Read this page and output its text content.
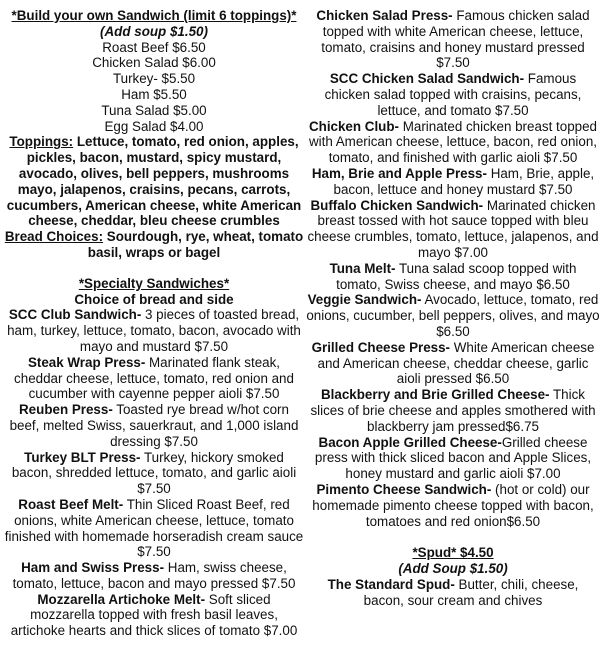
*Build your own Sandwich (limit 6 toppings)*

(Add soup $1.50)

Roast Beef $6.50

Chicken Salad $6.00

Turkey- $5.50

Ham $5.50

Tuna Salad $5.00

Egg Salad $4.00

Toppings: Lettuce, tomato, red onion, apples, pickles, bacon, mustard, spicy mustard, avocado, olives, bell peppers, mushrooms mayo, jalapenos, craisins, pecans, carrots, cucumbers, American cheese, white American cheese, cheddar, bleu cheese crumbles

Bread Choices: Sourdough, rye, wheat, tomato basil, wraps or bagel

*Specialty Sandwiches*

Choice of bread and side

SCC Club Sandwich- 3 pieces of toasted bread, ham, turkey, lettuce, tomato, bacon, avocado with mayo and mustard $7.50

Steak Wrap Press- Marinated flank steak, cheddar cheese, lettuce, tomato, red onion and cucumber with cayenne pepper aioli $7.50

Reuben Press- Toasted rye bread w/hot corn beef, melted Swiss, sauerkraut, and 1,000 island dressing $7.50

Turkey BLT Press- Turkey, hickory smoked bacon, shredded lettuce, tomato, and garlic aioli $7.50

Roast Beef Melt- Thin Sliced Roast Beef, red onions, white American cheese, lettuce, tomato finished with homemade horseradish cream sauce $7.50

Ham and Swiss Press- Ham, swiss cheese, tomato, lettuce, bacon and mayo pressed $7.50

Mozzarella Artichoke Melt- Soft sliced mozzarella topped with fresh basil leaves, artichoke hearts and thick slices of tomato $7.00

Chicken Salad Press- Famous chicken salad topped with white American cheese, lettuce, tomato, craisins and honey mustard pressed $7.50

SCC Chicken Salad Sandwich- Famous chicken salad topped with craisins, pecans, lettuce, and tomato $7.50

Chicken Club- Marinated chicken breast topped with American cheese, lettuce, bacon, red onion, tomato, and finished with garlic aioli $7.50

Ham, Brie and Apple Press- Ham, Brie, apple, bacon, lettuce and honey mustard $7.50

Buffalo Chicken Sandwich- Marinated chicken breast tossed with hot sauce topped with bleu cheese crumbles, tomato, lettuce, jalapenos, and mayo $7.00

Tuna Melt- Tuna salad scoop topped with tomato, Swiss cheese, and mayo $6.50

Veggie Sandwich- Avocado, lettuce, tomato, red onions, cucumber, bell peppers, olives, and mayo $6.50

Grilled Cheese Press- White American cheese and American cheese, cheddar cheese, garlic aioli pressed $6.50

Blackberry and Brie Grilled Cheese- Thick slices of brie cheese and apples smothered with blackberry jam pressed$6.75

Bacon Apple Grilled Cheese-Grilled cheese press with thick sliced bacon and Apple Slices, honey mustard and garlic aioli $7.00

Pimento Cheese Sandwich- (hot or cold) our homemade pimento cheese topped with bacon, tomatoes and red onion$6.50

*Spud* $4.50

(Add Soup $1.50)

The Standard Spud- Butter, chili, cheese, bacon, sour cream and chives
